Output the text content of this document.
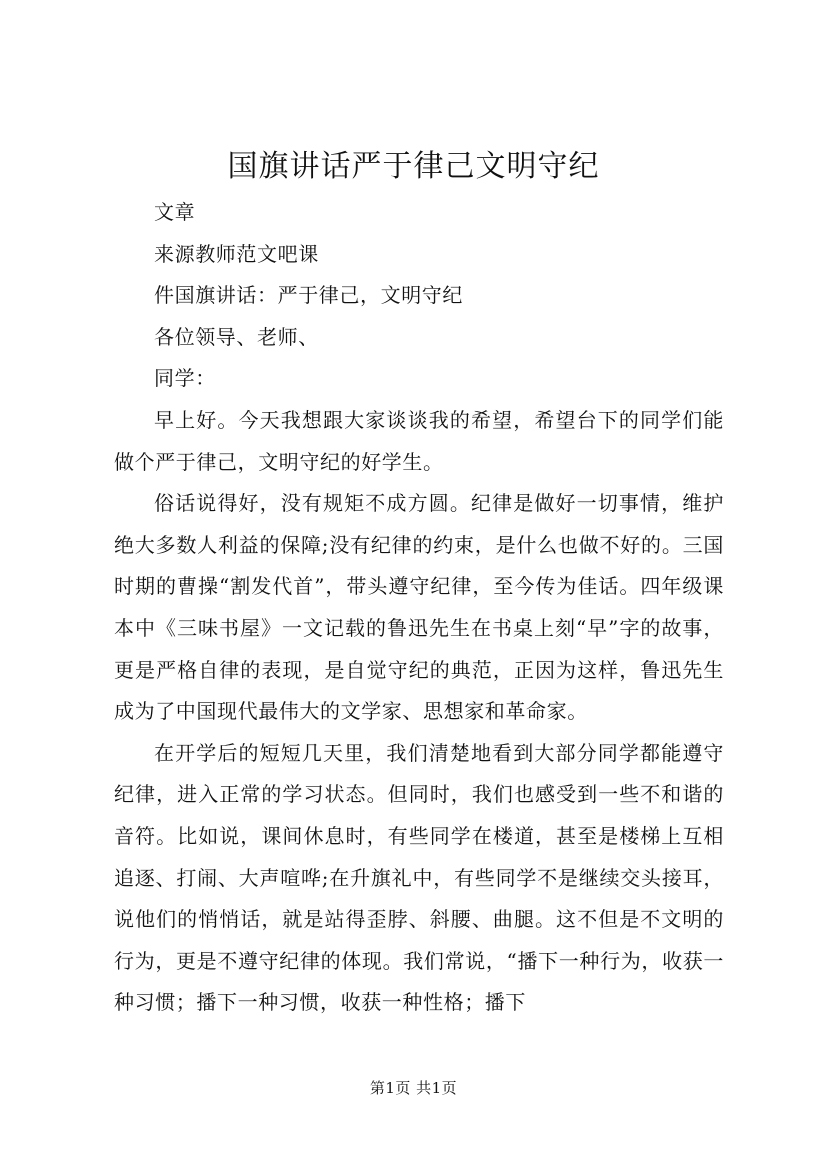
国旗讲话严于律己文明守纪

文章

来源教师范文吧课

件国旗讲话：严于律己，文明守纪

各位领导、老师、

同学：

早上好。今天我想跟大家谈谈我的希望，希望台下的同学们能做个严于律己，文明守纪的好学生。

俗话说得好，没有规矩不成方圆。纪律是做好一切事情，维护绝大多数人利益的保障;没有纪律的约束，是什么也做不好的。三国时期的曹操“割发代首”，带头遵守纪律，至今传为佳话。四年级课本中《三味书屋》一文记载的鲁迅先生在书桌上刻“早”字的故事，更是严格自律的表现，是自觉守纪的典范，正因为这样，鲁迅先生成为了中国现代最伟大的文学家、思想家和革命家。

在开学后的短短几天里，我们清楚地看到大部分同学都能遵守纪律，进入正常的学习状态。但同时，我们也感受到一些不和谐的音符。比如说，课间休息时，有些同学在楼道，甚至是楼梯上互相追逐、打闹、大声喧哗;在升旗礼中，有些同学不是继续交头接耳，说他们的悄悄话，就是站得歪脖、斜腰、曲腿。这不但是不文明的行为，更是不遵守纪律的体现。我们常说，“播下一种行为，收获一种习惯；播下一种习惯，收获一种性格；播下

第1页 共1页
